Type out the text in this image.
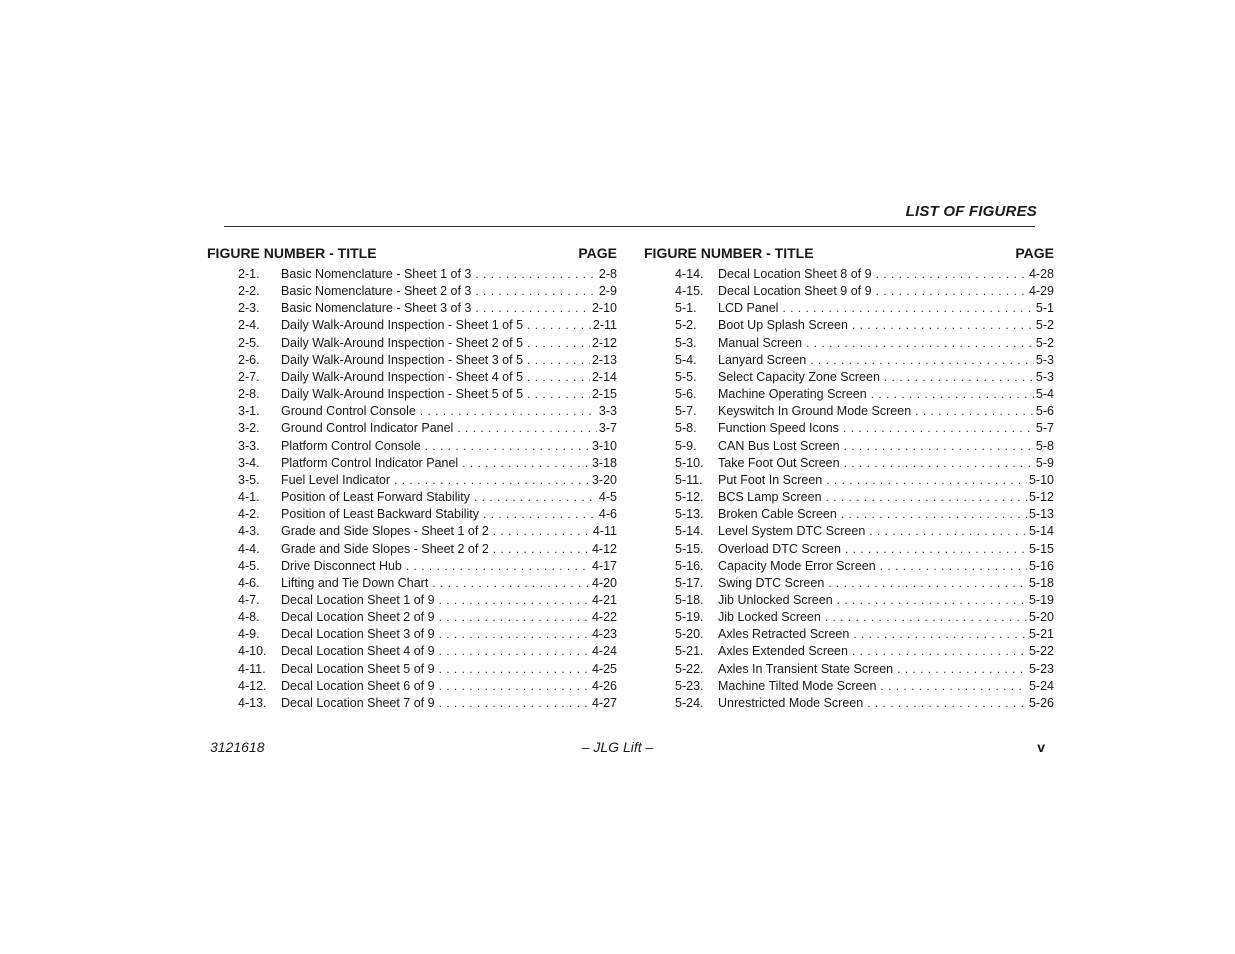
LIST OF FIGURES
FIGURE NUMBER - TITLE	PAGE
2-1.	Basic Nomenclature - Sheet 1 of 3 . . .	2-8
2-2.	Basic Nomenclature - Sheet 2 of 3 . . .	2-9
2-3.	Basic Nomenclature - Sheet 3 of 3 . . .	2-10
2-4.	Daily Walk-Around Inspection - Sheet 1 of 5 . . .	2-11
2-5.	Daily Walk-Around Inspection - Sheet 2 of 5 . . .	2-12
2-6.	Daily Walk-Around Inspection - Sheet 3 of 5 . . .	2-13
2-7.	Daily Walk-Around Inspection - Sheet 4 of 5 . . .	2-14
2-8.	Daily Walk-Around Inspection - Sheet 5 of 5 . . .	2-15
3-1.	Ground Control Console . . .	3-3
3-2.	Ground Control Indicator Panel . . .	3-7
3-3.	Platform Control Console . . .	3-10
3-4.	Platform Control Indicator Panel . . .	3-18
3-5.	Fuel Level Indicator . . .	3-20
4-1.	Position of Least Forward Stability . . .	4-5
4-2.	Position of Least Backward Stability . . .	4-6
4-3.	Grade and Side Slopes - Sheet 1 of 2 . . .	4-11
4-4.	Grade and Side Slopes - Sheet 2 of 2 . . .	4-12
4-5.	Drive Disconnect Hub . . .	4-17
4-6.	Lifting and Tie Down Chart . . .	4-20
4-7.	Decal Location Sheet 1 of 9 . . .	4-21
4-8.	Decal Location Sheet 2 of 9 . . .	4-22
4-9.	Decal Location Sheet 3 of 9 . . .	4-23
4-10.	Decal Location Sheet 4 of 9 . . .	4-24
4-11.	Decal Location Sheet 5 of 9 . . .	4-25
4-12.	Decal Location Sheet 6 of 9 . . .	4-26
4-13.	Decal Location Sheet 7 of 9 . . .	4-27
FIGURE NUMBER - TITLE	PAGE
4-14.	Decal Location Sheet 8 of 9 . . .	4-28
4-15.	Decal Location Sheet 9 of 9 . . .	4-29
5-1.	LCD Panel . . .	5-1
5-2.	Boot Up Splash Screen . . .	5-2
5-3.	Manual Screen . . .	5-2
5-4.	Lanyard Screen . . .	5-3
5-5.	Select Capacity Zone Screen . . .	5-3
5-6.	Machine Operating Screen . . .	5-4
5-7.	Keyswitch In Ground Mode Screen . . .	5-6
5-8.	Function Speed Icons . . .	5-7
5-9.	CAN Bus Lost Screen . . .	5-8
5-10.	Take Foot Out Screen . . .	5-9
5-11.	Put Foot In Screen . . .	5-10
5-12.	BCS Lamp Screen . . .	5-12
5-13.	Broken Cable Screen . . .	5-13
5-14.	Level System DTC Screen . . .	5-14
5-15.	Overload DTC Screen . . .	5-15
5-16.	Capacity Mode Error Screen . . .	5-16
5-17.	Swing DTC Screen . . .	5-18
5-18.	Jib Unlocked Screen . . .	5-19
5-19.	Jib Locked Screen . . .	5-20
5-20.	Axles Retracted Screen . . .	5-21
5-21.	Axles Extended Screen . . .	5-22
5-22.	Axles In Transient State Screen . . .	5-23
5-23.	Machine Tilted Mode Screen . . .	5-24
5-24.	Unrestricted Mode Screen . . .	5-26
3121618	– JLG Lift –	v
